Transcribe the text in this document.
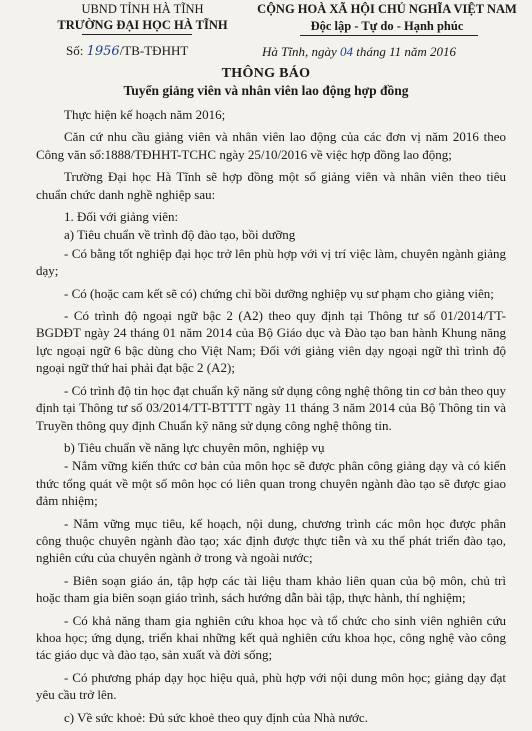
UBND TỈNH HÀ TĨNH
TRƯỜNG ĐẠI HỌC HÀ TĨNH
Số: 1956/TB-TĐHHT
CỘNG HOÀ XÃ HỘI CHỦ NGHĨA VIỆT NAM
Độc lập - Tự do - Hạnh phúc
Hà Tĩnh, ngày 04 tháng 11 năm 2016
THÔNG BÁO
Tuyển giảng viên và nhân viên lao động hợp đồng

Thực hiện kế hoạch năm 2016;

Căn cứ nhu cầu giảng viên và nhân viên lao động của các đơn vị năm 2016 theo Công văn số:1888/TĐHHT-TCHC ngày 25/10/2016 về việc hợp đồng lao động;

Trường Đại học Hà Tĩnh sẽ hợp đồng một số giảng viên và nhân viên theo tiêu chuẩn chức danh nghề nghiệp sau:

1. Đối với giảng viên:

a) Tiêu chuẩn về trình độ đào tạo, bồi dưỡng

- Có bằng tốt nghiệp đại học trở lên phù hợp với vị trí việc làm, chuyên ngành giảng dạy;

- Có (hoặc cam kết sẽ có) chứng chỉ bồi dưỡng nghiệp vụ sư phạm cho giảng viên;

- Có trình độ ngoại ngữ bậc 2 (A2) theo quy định tại Thông tư số 01/2014/TT-BGDĐT ngày 24 tháng 01 năm 2014 của Bộ Giáo dục và Đào tạo ban hành Khung năng lực ngoại ngữ 6 bậc dùng cho Việt Nam; Đối với giảng viên dạy ngoại ngữ thì trình độ ngoại ngữ thứ hai phải đạt bậc 2 (A2);

- Có trình độ tin học đạt chuẩn kỹ năng sử dụng công nghệ thông tin cơ bản theo quy định tại Thông tư số 03/2014/TT-BTTTT ngày 11 tháng 3 năm 2014 của Bộ Thông tin và Truyền thông quy định Chuẩn kỹ năng sử dụng công nghệ thông tin.

b) Tiêu chuẩn về năng lực chuyên môn, nghiệp vụ

- Nắm vững kiến thức cơ bản của môn học sẽ được phân công giảng dạy và có kiến thức tổng quát về một số môn học có liên quan trong chuyên ngành đào tạo sẽ được giao đảm nhiệm;

- Nắm vững mục tiêu, kế hoạch, nội dung, chương trình các môn học được phân công thuộc chuyên ngành đào tạo; xác định được thực tiễn và xu thế phát triển đào tạo, nghiên cứu của chuyên ngành ở trong và ngoài nước;

- Biên soạn giáo án, tập hợp các tài liệu tham khảo liên quan của bộ môn, chủ trì hoặc tham gia biên soạn giáo trình, sách hướng dẫn bài tập, thực hành, thí nghiệm;

- Có khả năng tham gia nghiên cứu khoa học và tổ chức cho sinh viên nghiên cứu khoa học; ứng dụng, triển khai những kết quả nghiên cứu khoa học, công nghệ vào công tác giáo dục và đào tạo, sản xuất và đời sống;

- Có phương pháp dạy học hiệu quả, phù hợp với nội dung môn học; giảng dạy đạt yêu cầu trở lên.

c) Về sức khoẻ: Đủ sức khoẻ theo quy định của Nhà nước.
